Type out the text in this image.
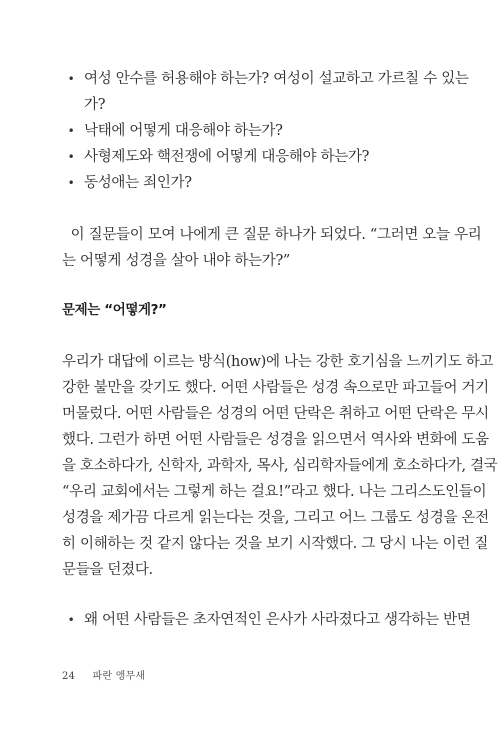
• 여성 안수를 허용해야 하는가? 여성이 설교하고 가르칠 수 있는
가?
• 낙태에 어떻게 대응해야 하는가?
• 사형제도와 핵전쟁에 어떻게 대응해야 하는가?
• 동성애는 죄인가?
이 질문들이 모여 나에게 큰 질문 하나가 되었다. “그러면 오늘 우리
는 어떻게 성경을 살아 내야 하는가?”
문제는 “어떻게?”
우리가 대답에 이르는 방식(how)에 나는 강한 호기심을 느끼기도 하고
강한 불만을 갖기도 했다. 어떤 사람들은 성경 속으로만 파고들어 거기
머물렀다. 어떤 사람들은 성경의 어떤 단락은 취하고 어떤 단락은 무시
했다. 그런가 하면 어떤 사람들은 성경을 읽으면서 역사와 변화에 도움
을 호소하다가, 신학자, 과학자, 목사, 심리학자들에게 호소하다가, 결국
“우리 교회에서는 그렇게 하는 걸요!”라고 했다. 나는 그리스도인들이
성경을 제가끔 다르게 읽는다는 것을, 그리고 어느 그룹도 성경을 온전
히 이해하는 것 같지 않다는 것을 보기 시작했다. 그 당시 나는 이런 질
문들을 던졌다.
• 왜 어떤 사람들은 초자연적인 은사가 사라졌다고 생각하는 반면
24 파란 앵무새
